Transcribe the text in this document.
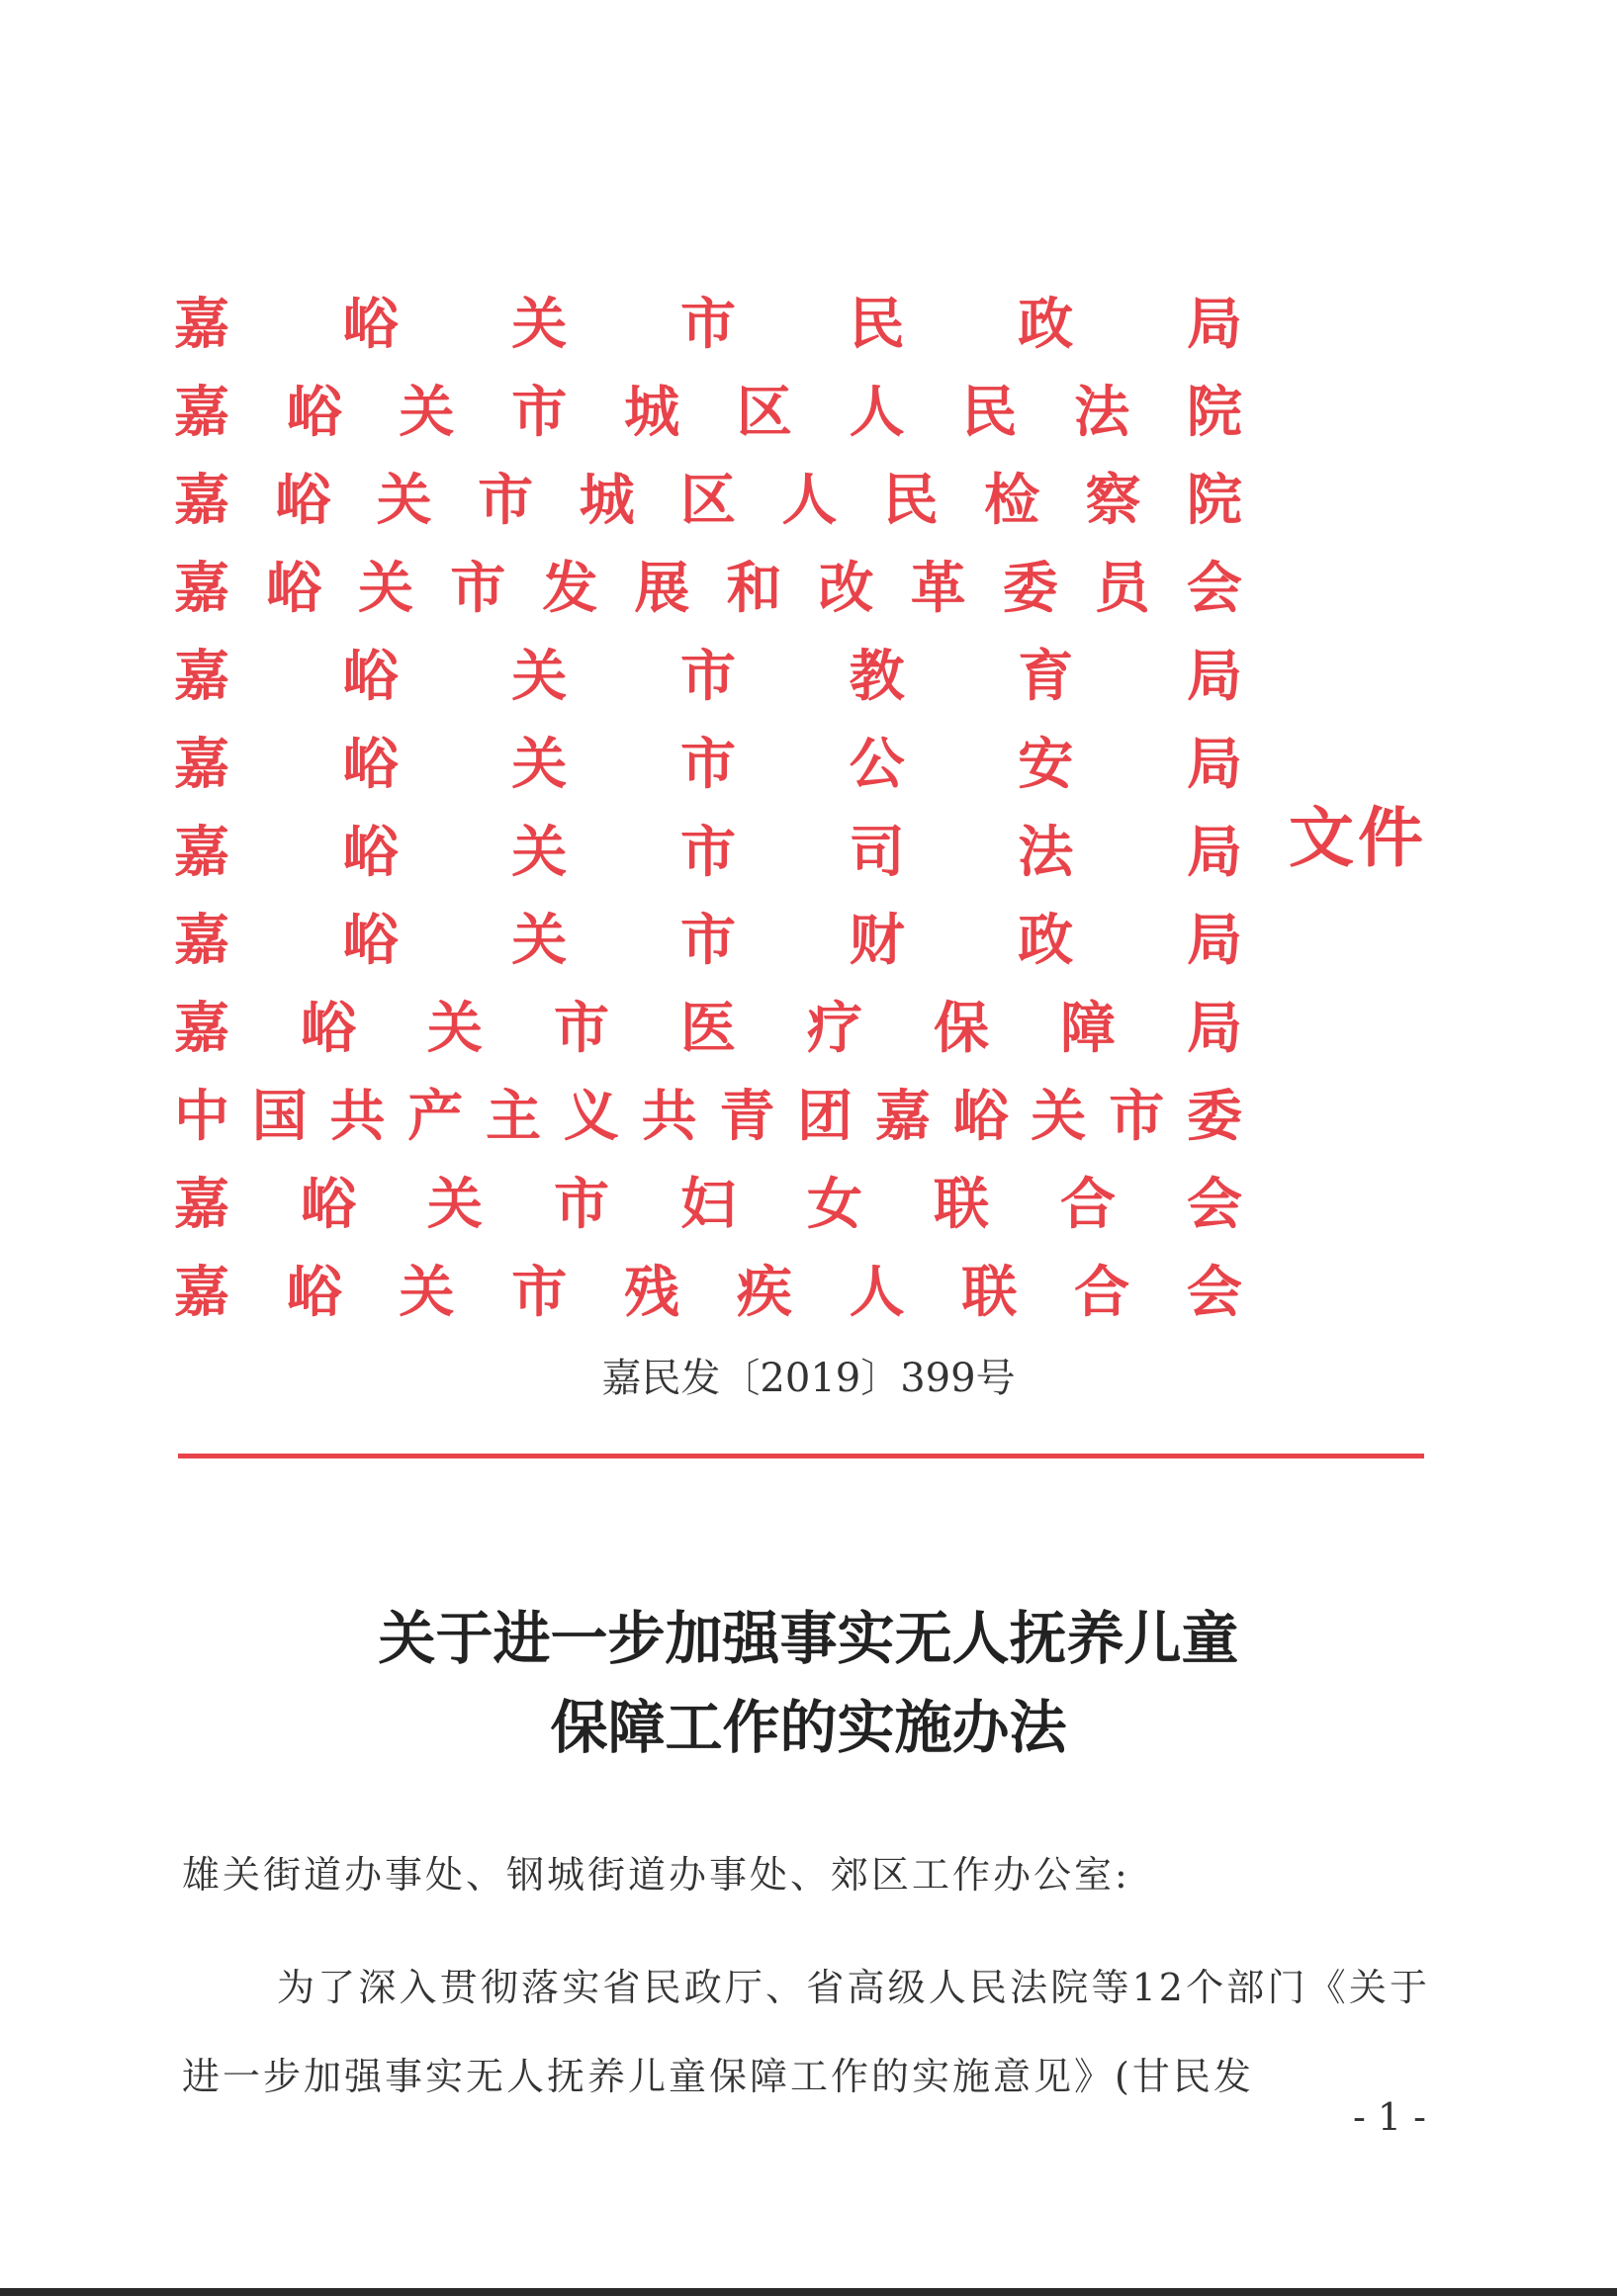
嘉 峪 关 市 民 政 局
嘉 峪 关 市 城 区 人 民 法 院
嘉 峪 关 市 城 区 人 民 检 察 院
嘉 峪 关 市 发 展 和 改 革 委 员 会
嘉 峪 关 市 教 育 局
嘉 峪 关 市 公 安 局
嘉 峪 关 市 司 法 局
嘉 峪 关 市 财 政 局
嘉 峪 关 市 医 疗 保 障 局
中 国 共 产 主 义 共 青 团 嘉 峪 关 市 委
嘉 峪 关 市 妇 女 联 合 会
嘉 峪 关 市 残 疾 人 联 合 会
文件
嘉民发〔2019〕399号
关于进一步加强事实无人抚养儿童
保障工作的实施办法
雄关街道办事处、钢城街道办事处、郊区工作办公室:
为了深入贯彻落实省民政厅、省高级人民法院等12个部门《关于进一步加强事实无人抚养儿童保障工作的实施意见》(甘民发
- 1 -
